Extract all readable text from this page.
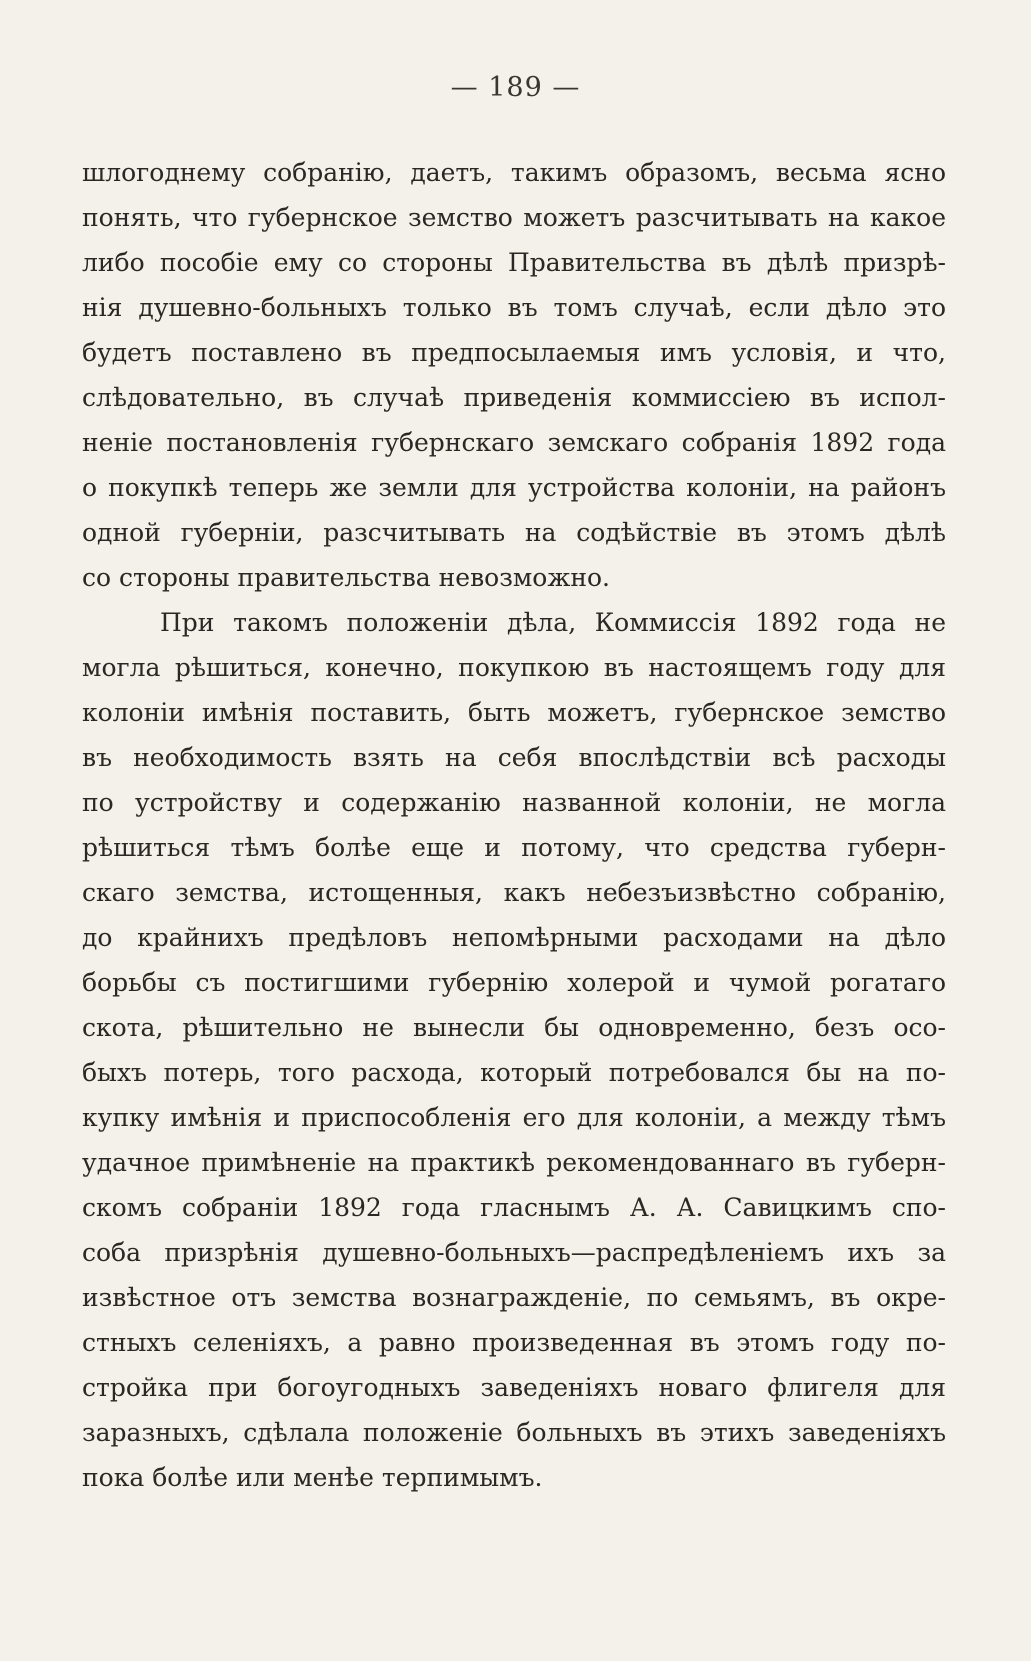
— 189 —
шлогоднему собранію, даетъ, такимъ образомъ, весьма ясно
понять, что губернское земство можетъ разсчитывать на какое
либо пособіе ему со стороны Правительства въ дѣлѣ призрѣ-
нія душевно-больныхъ только въ томъ случаѣ, если дѣло это
будетъ поставлено въ предпосылаемыя имъ условія, и что,
слѣдовательно, въ случаѣ приведенія коммиссіею въ испол-
неніе постановленія губернскаго земскаго собранія 1892 года
о покупкѣ теперь же земли для устройства колоніи, на районъ
одной губерніи, разсчитывать на содѣйствіе въ этомъ дѣлѣ
со стороны правительства невозможно.
При такомъ положеніи дѣла, Коммиссія 1892 года не
могла рѣшиться, конечно, покупкою въ настоящемъ году для
колоніи имѣнія поставить, быть можетъ, губернское земство
въ необходимость взять на себя впослѣдствіи всѣ расходы
по устройству и содержанію названной колоніи, не могла
рѣшиться тѣмъ болѣе еще и потому, что средства губерн-
скаго земства, истощенныя, какъ небезъизвѣстно собранію,
до крайнихъ предѣловъ непомѣрными расходами на дѣло
борьбы съ постигшими губернію холерой и чумой рогатаго
скота, рѣшительно не вынесли бы одновременно, безъ осо-
быхъ потерь, того расхода, который потребовался бы на по-
купку имѣнія и приспособленія его для колоніи, а между тѣмъ
удачное примѣненіе на практикѣ рекомендованнаго въ губерн-
скомъ собраніи 1892 года гласнымъ А. А. Савицкимъ спо-
соба призрѣнія душевно-больныхъ—распредѣленіемъ ихъ за
извѣстное отъ земства вознагражденіе, по семьямъ, въ окре-
стныхъ селеніяхъ, а равно произведенная въ этомъ году по-
стройка при богоугодныхъ заведеніяхъ новаго флигеля для
заразныхъ, сдѣлала положеніе больныхъ въ этихъ заведеніяхъ
пока болѣе или менѣе терпимымъ.
